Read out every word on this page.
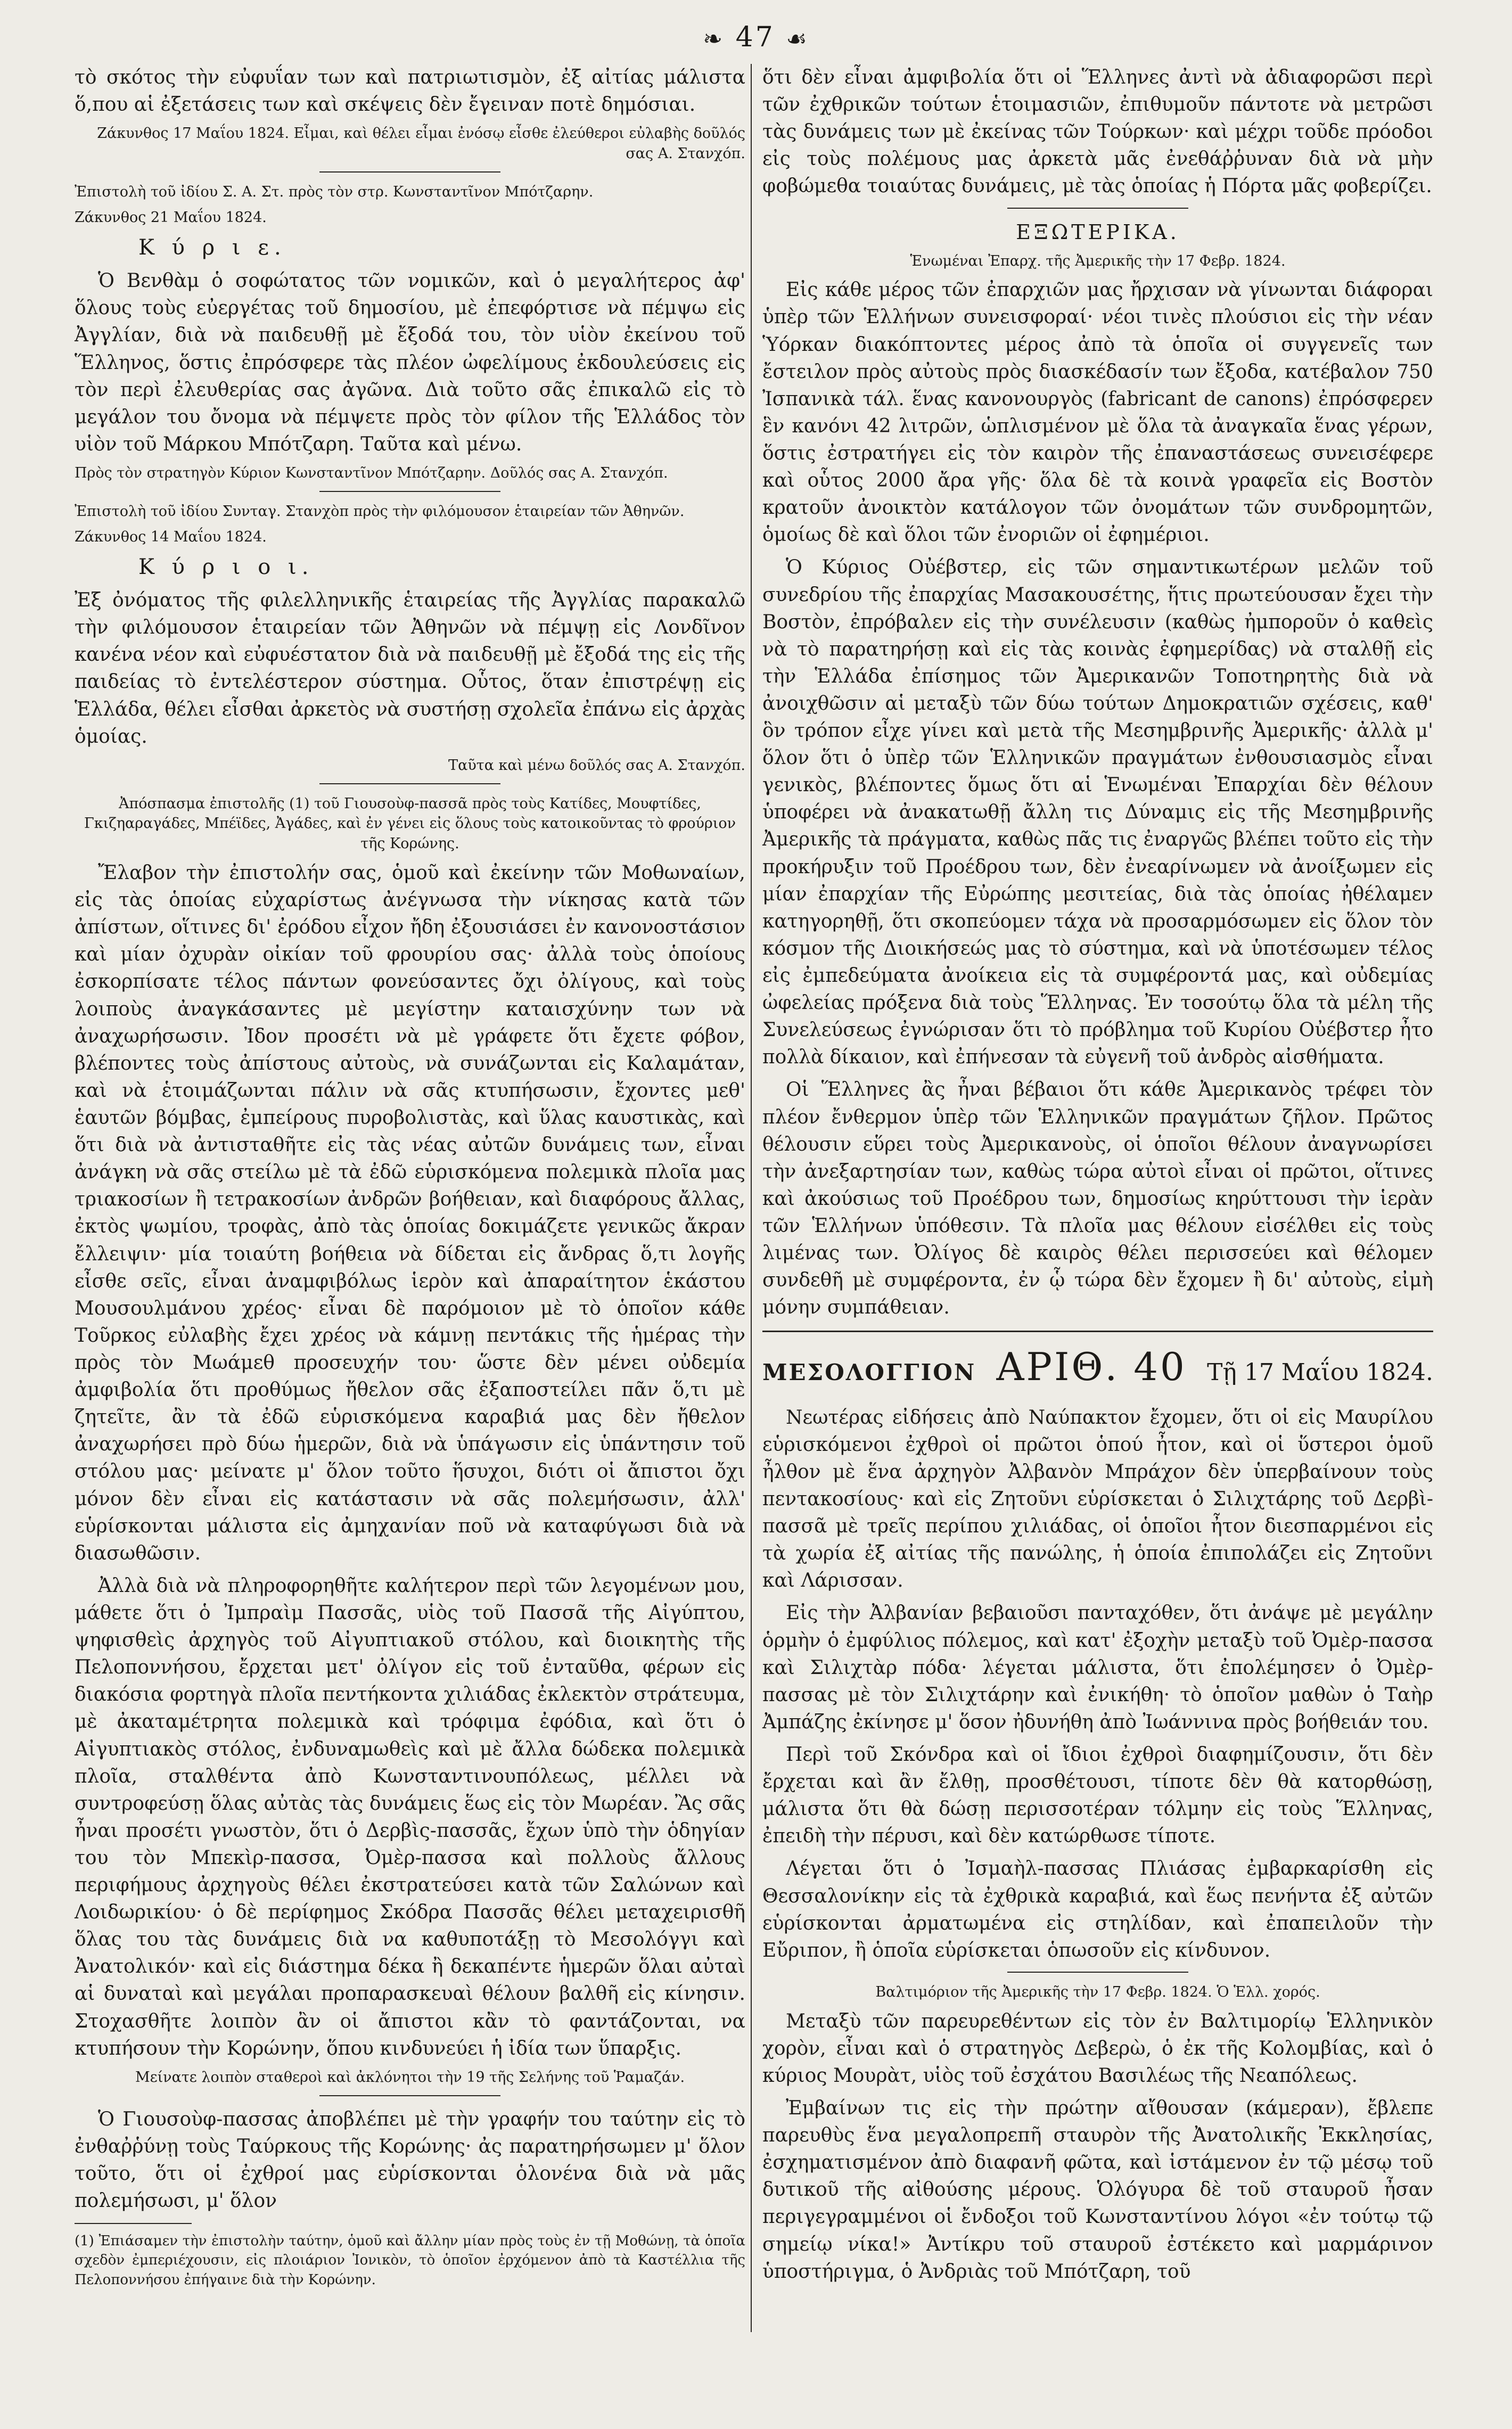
❧ 47 ☙

τὸ σκότος τὴν εὐφυΐαν των καὶ πατριωτισμὸν, ἐξ αἰτίας μάλιστα ὅ,που αἱ ἐξετάσεις των καὶ σκέψεις δὲν ἔγειναν ποτὲ δημόσιαι.

Ζάκυνθος 17 Μαΐου 1824. Εἶμαι, καὶ θέλει εἶμαι ἐνόσῳ εἶσθε ἐλεύθεροι εὐλαβὴς δοῦλός σας Α. Στανχόπ.

Ἐπιστολὴ τοῦ ἰδίου Σ. Α. Στ. πρὸς τὸν στρ. Κωνσταντῖνον Μπότζαρην.

Ζάκυνθος 21 Μαΐου 1824.

Κ ύ ρ ι ε.

Ὁ Βενθὰμ ὁ σοφώτατος τῶν νομικῶν, καὶ ὁ μεγαλήτερος ἀφ' ὅλους τοὺς εὐεργέτας τοῦ δημοσίου, μὲ ἐπεφόρτισε νὰ πέμψω εἰς Ἀγγλίαν, διὰ νὰ παιδευθῇ μὲ ἔξοδά του, τὸν υἱὸν ἐκείνου τοῦ Ἕλληνος, ὅστις ἐπρόσφερε τὰς πλέον ὠφελίμους ἐκδουλεύσεις εἰς τὸν περὶ ἐλευθερίας σας ἀγῶνα. Διὰ τοῦτο σᾶς ἐπικαλῶ εἰς τὸ μεγάλον του ὄνομα νὰ πέμψετε πρὸς τὸν φίλον τῆς Ἑλλάδος τὸν υἱὸν τοῦ Μάρκου Μπότζαρη. Ταῦτα καὶ μένω.

Πρὸς τὸν στρατηγὸν Κύριον Κωνσταντῖνον Μπότζαρην. Δοῦλός σας Α. Στανχόπ.

Ἐπιστολὴ τοῦ ἰδίου Συνταγ. Στανχὸπ πρὸς τὴν φιλόμουσον ἑταιρείαν τῶν Ἀθηνῶν.

Ζάκυνθος 14 Μαΐου 1824.

Κ ύ ρ ι ο ι.

Ἐξ ὀνόματος τῆς φιλελληνικῆς ἑταιρείας τῆς Ἀγγλίας παρακαλῶ τὴν φιλόμουσον ἑταιρείαν τῶν Ἀθηνῶν νὰ πέμψῃ εἰς Λονδῖνον κανένα νέον καὶ εὐφυέστατον διὰ νὰ παιδευθῇ μὲ ἔξοδά της εἰς τῆς παιδείας τὸ ἐντελέστερον σύστημα. Οὗτος, ὅταν ἐπιστρέψῃ εἰς Ἑλλάδα, θέλει εἶσθαι ἀρκετὸς νὰ συστήσῃ σχολεῖα ἐπάνω εἰς ἀρχὰς ὁμοίας.

Ταῦτα καὶ μένω δοῦλός σας Α. Στανχόπ.

Ἀπόσπασμα ἐπιστολῆς (1) τοῦ Γιουσοὺφ-πασσᾶ πρὸς τοὺς Κατίδες, Μουφτίδες, Γκιζηαραγάδες, Μπέϊδες, Ἀγάδες, καὶ ἐν γένει εἰς ὅλους τοὺς κατοικοῦντας τὸ φρούριον τῆς Κορώνης.

Ἔλαβον τὴν ἐπιστολήν σας, ὁμοῦ καὶ ἐκείνην τῶν Μοθωναίων, εἰς τὰς ὁποίας εὐχαρίστως ἀνέγνωσα τὴν νίκησας κατὰ τῶν ἀπίστων, οἵτινες δι' ἐρόδου εἶχον ἤδη ἐξουσιάσει ἐν κανονοστάσιον καὶ μίαν ὀχυρὰν οἰκίαν τοῦ φρουρίου σας· ἀλλὰ τοὺς ὁποίους ἐσκορπίσατε τέλος πάντων φονεύσαντες ὄχι ὀλίγους, καὶ τοὺς λοιποὺς ἀναγκάσαντες μὲ μεγίστην καταισχύνην των νὰ ἀναχωρήσωσιν. Ἰδον προσέτι νὰ μὲ γράφετε ὅτι ἔχετε φόβον, βλέποντες τοὺς ἀπίστους αὐτοὺς, νὰ συνάζωνται εἰς Καλαμάταν, καὶ νὰ ἑτοιμάζωνται πάλιν νὰ σᾶς κτυπήσωσιν, ἔχοντες μεθ' ἑαυτῶν βόμβας, ἐμπείρους πυροβολιστὰς, καὶ ὕλας καυστικὰς, καὶ ὅτι διὰ νὰ ἀντισταθῆτε εἰς τὰς νέας αὐτῶν δυνάμεις των, εἶναι ἀνάγκη νὰ σᾶς στείλω μὲ τὰ ἐδῶ εὑρισκόμενα πολεμικὰ πλοῖα μας τριακοσίων ἢ τετρακοσίων ἀνδρῶν βοήθειαν, καὶ διαφόρους ἄλλας, ἐκτὸς ψωμίου, τροφὰς, ἀπὸ τὰς ὁποίας δοκιμάζετε γενικῶς ἄκραν ἔλλειψιν· μία τοιαύτη βοήθεια νὰ δίδεται εἰς ἄνδρας ὅ,τι λογῆς εἶσθε σεῖς, εἶναι ἀναμφιβόλως ἱερὸν καὶ ἀπαραίτητον ἑκάστου Μουσουλμάνου χρέος· εἶναι δὲ παρόμοιον μὲ τὸ ὁποῖον κάθε Τοῦρκος εὐλαβὴς ἔχει χρέος νὰ κάμνῃ πεντάκις τῆς ἡμέρας τὴν πρὸς τὸν Μωάμεθ προσευχήν του· ὥστε δὲν μένει οὐδεμία ἀμφιβολία ὅτι προθύμως ἤθελον σᾶς ἐξαποστείλει πᾶν ὅ,τι μὲ ζητεῖτε, ἂν τὰ ἐδῶ εὑρισκόμενα καραβιά μας δὲν ἤθελον ἀναχωρήσει πρὸ δύω ἡμερῶν, διὰ νὰ ὑπάγωσιν εἰς ὑπάντησιν τοῦ στόλου μας· μείνατε μ' ὅλον τοῦτο ἥσυχοι, διότι οἱ ἄπιστοι ὄχι μόνον δὲν εἶναι εἰς κατάστασιν νὰ σᾶς πολεμήσωσιν, ἀλλ' εὑρίσκονται μάλιστα εἰς ἀμηχανίαν ποῦ νὰ καταφύγωσι διὰ νὰ διασωθῶσιν.

Ἀλλὰ διὰ νὰ πληροφορηθῆτε καλήτερον περὶ τῶν λεγομένων μου, μάθετε ὅτι ὁ Ἰμπραὶμ Πασσᾶς, υἱὸς τοῦ Πασσᾶ τῆς Αἰγύπτου, ψηφισθεὶς ἀρχηγὸς τοῦ Αἰγυπτιακοῦ στόλου, καὶ διοικητὴς τῆς Πελοποννήσου, ἔρχεται μετ' ὀλίγον εἰς τοῦ ἐνταῦθα, φέρων εἰς διακόσια φορτηγὰ πλοῖα πεντήκοντα χιλιάδας ἐκλεκτὸν στράτευμα, μὲ ἀκαταμέτρητα πολεμικὰ καὶ τρόφιμα ἐφόδια, καὶ ὅτι ὁ Αἰγυπτιακὸς στόλος, ἐνδυναμωθεὶς καὶ μὲ ἄλλα δώδεκα πολεμικὰ πλοῖα, σταλθέντα ἀπὸ Κωνσταντινουπόλεως, μέλλει νὰ συντροφεύσῃ ὅλας αὐτὰς τὰς δυνάμεις ἕως εἰς τὸν Μωρέαν. Ἂς σᾶς ἦναι προσέτι γνωστὸν, ὅτι ὁ Δερβὶς-πασσᾶς, ἔχων ὑπὸ τὴν ὁδηγίαν του τὸν Μπεκὶρ-πασσα, Ὀμὲρ-πασσα καὶ πολλοὺς ἄλλους περιφήμους ἀρχηγοὺς θέλει ἐκστρατεύσει κατὰ τῶν Σαλώνων καὶ Λοιδωρικίου· ὁ δὲ περίφημος Σκόδρα Πασσᾶς θέλει μεταχειρισθῆ ὅλας του τὰς δυνάμεις διὰ να καθυποτάξῃ τὸ Μεσολόγγι καὶ Ἀνατολικόν· καὶ εἰς διάστημα δέκα ἢ δεκαπέντε ἡμερῶν ὅλαι αὐταὶ αἱ δυναταὶ καὶ μεγάλαι προπαρασκευαὶ θέλουν βαλθῆ εἰς κίνησιν. Στοχασθῆτε λοιπὸν ἂν οἱ ἄπιστοι κἂν τὸ φαντάζονται, να κτυπήσουν τὴν Κορώνην, ὅπου κινδυνεύει ἡ ἰδία των ὕπαρξις.

Μείνατε λοιπὸν σταθεροὶ καὶ ἀκλόνητοι τὴν 19 τῆς Σελήνης τοῦ Ῥαμαζάν.

Ὁ Γιουσοὺφ-πασσας ἀποβλέπει μὲ τὴν γραφήν του ταύτην εἰς τὸ ἐνθαῤῥύνῃ τοὺς Ταύρκους τῆς Κορώνης· ἀς παρατηρήσωμεν μ' ὅλον τοῦτο, ὅτι οἱ ἐχθροί μας εὑρίσκονται ὁλονένα διὰ νὰ μᾶς πολεμήσωσι, μ' ὅλον

(1) Ἐπιάσαμεν τὴν ἐπιστολὴν ταύτην, ὁμοῦ καὶ ἄλλην μίαν πρὸς τοὺς ἐν τῇ Μοθώνῃ, τὰ ὁποῖα σχεδὸν ἐμπεριέχουσιν, εἰς πλοιάριον Ἰονικὸν, τὸ ὁποῖον ἐρχόμενον ἀπὸ τὰ Καστέλλια τῆς Πελοποννήσου ἐπήγαινε διὰ τὴν Κορώνην.

ὅτι δὲν εἶναι ἀμφιβολία ὅτι οἱ Ἕλληνες ἀντὶ νὰ ἀδιαφορῶσι περὶ τῶν ἐχθρικῶν τούτων ἑτοιμασιῶν, ἐπιθυμοῦν πάντοτε νὰ μετρῶσι τὰς δυνάμεις των μὲ ἐκείνας τῶν Τούρκων· καὶ μέχρι τοῦδε πρόοδοι εἰς τοὺς πολέμους μας ἀρκετὰ μᾶς ἐνεθάῤῥυναν διὰ νὰ μὴν φοβώμεθα τοιαύτας δυνάμεις, μὲ τὰς ὁποίας ἡ Πόρτα μᾶς φοβερίζει.

ΕΞΩΤΕΡΙΚΑ.

Ἑνωμέναι Ἐπαρχ. τῆς Ἀμερικῆς τὴν 17 Φεβρ. 1824.

Εἰς κάθε μέρος τῶν ἐπαρχιῶν μας ἤρχισαν νὰ γίνωνται διάφοραι ὑπὲρ τῶν Ἑλλήνων συνεισφοραί· νέοι τινὲς πλούσιοι εἰς τὴν νέαν Ὑόρκαν διακόπτοντες μέρος ἀπὸ τὰ ὁποῖα οἱ συγγενεῖς των ἔστειλον πρὸς αὐτοὺς πρὸς διασκέδασίν των ἔξοδα, κατέβαλον 750 Ἰσπανικὰ τάλ. ἕνας κανονουργὸς (fabricant de canons) ἐπρόσφερεν ἓν κανόνι 42 λιτρῶν, ὡπλισμένον μὲ ὅλα τὰ ἀναγκαῖα ἕνας γέρων, ὅστις ἐστρατήγει εἰς τὸν καιρὸν τῆς ἐπαναστάσεως συνεισέφερε καὶ οὗτος 2000 ἄρα γῆς· ὅλα δὲ τὰ κοινὰ γραφεῖα εἰς Βοστὸν κρατοῦν ἀνοικτὸν κατάλογον τῶν ὀνομάτων τῶν συνδρομητῶν, ὁμοίως δὲ καὶ ὅλοι τῶν ἐνοριῶν οἱ ἐφημέριοι.

Ὁ Κύριος Οὐέβστερ, εἰς τῶν σημαντικωτέρων μελῶν τοῦ συνεδρίου τῆς ἐπαρχίας Μασακουσέτης, ἥτις πρωτεύουσαν ἔχει τὴν Βοστὸν, ἐπρόβαλεν εἰς τὴν συνέλευσιν (καθὼς ἠμποροῦν ὁ καθεὶς νὰ τὸ παρατηρήσῃ καὶ εἰς τὰς κοινὰς ἐφημερίδας) νὰ σταλθῇ εἰς τὴν Ἑλλάδα ἐπίσημος τῶν Ἀμερικανῶν Τοποτηρητὴς διὰ νὰ ἀνοιχθῶσιν αἱ μεταξὺ τῶν δύω τούτων Δημοκρατιῶν σχέσεις, καθ' ὃν τρόπον εἶχε γίνει καὶ μετὰ τῆς Μεσημβρινῆς Ἀμερικῆς· ἀλλὰ μ' ὅλον ὅτι ὁ ὑπὲρ τῶν Ἑλληνικῶν πραγμάτων ἐνθουσιασμὸς εἶναι γενικὸς, βλέποντες ὅμως ὅτι αἱ Ἑνωμέναι Ἐπαρχίαι δὲν θέλουν ὑποφέρει νὰ ἀνακατωθῇ ἄλλη τις Δύναμις εἰς τῆς Μεσημβρινῆς Ἀμερικῆς τὰ πράγματα, καθὼς πᾶς τις ἐναργῶς βλέπει τοῦτο εἰς τὴν προκήρυξιν τοῦ Προέδρου των, δὲν ἐνεαρίνωμεν νὰ ἀνοίξωμεν εἰς μίαν ἐπαρχίαν τῆς Εὐρώπης μεσιτείας, διὰ τὰς ὁποίας ἠθέλαμεν κατηγορηθῇ, ὅτι σκοπεύομεν τάχα νὰ προσαρμόσωμεν εἰς ὅλον τὸν κόσμον τῆς Διοικήσεώς μας τὸ σύστημα, καὶ νὰ ὑποτέσωμεν τέλος εἰς ἐμπεδεύματα ἀνοίκεια εἰς τὰ συμφέροντά μας, καὶ οὐδεμίας ὠφελείας πρόξενα διὰ τοὺς Ἕλληνας. Ἐν τοσούτῳ ὅλα τὰ μέλη τῆς Συνελεύσεως ἐγνώρισαν ὅτι τὸ πρόβλημα τοῦ Κυρίου Οὐέβστερ ἦτο πολλὰ δίκαιον, καὶ ἐπήνεσαν τὰ εὐγενῆ τοῦ ἀνδρὸς αἰσθήματα.

Οἱ Ἕλληνες ἂς ἦναι βέβαιοι ὅτι κάθε Ἀμερικανὸς τρέφει τὸν πλέον ἔνθερμον ὑπὲρ τῶν Ἑλληνικῶν πραγμάτων ζῆλον. Πρῶτος θέλουσιν εὕρει τοὺς Ἀμερικανοὺς, οἱ ὁποῖοι θέλουν ἀναγνωρίσει τὴν ἀνεξαρτησίαν των, καθὼς τώρα αὐτοὶ εἶναι οἱ πρῶτοι, οἵτινες καὶ ἀκούσιως τοῦ Προέδρου των, δημοσίως κηρύττουσι τὴν ἱερὰν τῶν Ἑλλήνων ὑπόθεσιν. Τὰ πλοῖα μας θέλουν εἰσέλθει εἰς τοὺς λιμένας των. Ὀλίγος δὲ καιρὸς θέλει περισσεύει καὶ θέλομεν συνδεθῆ μὲ συμφέροντα, ἐν ᾧ τώρα δὲν ἔχομεν ἢ δι' αὐτοὺς, εἰμὴ μόνην συμπάθειαν.

ΜΕΣΟΛΟΓΓΙΟΝ ΑΡΙΘ. 40 Τῇ 17 Μαΐου 1824.

Νεωτέρας εἰδήσεις ἀπὸ Ναύπακτον ἔχομεν, ὅτι οἱ εἰς Μαυρίλου εὑρισκόμενοι ἐχθροὶ οἱ πρῶτοι ὁπού ἦτον, καὶ οἱ ὕστεροι ὁμοῦ ἦλθον μὲ ἕνα ἀρχηγὸν Ἀλβανὸν Μπράχον δὲν ὑπερβαίνουν τοὺς πεντακοσίους· καὶ εἰς Ζητοῦνι εὑρίσκεται ὁ Σιλιχτάρης τοῦ Δερβὶ-πασσᾶ μὲ τρεῖς περίπου χιλιάδας, οἱ ὁποῖοι ἦτον διεσπαρμένοι εἰς τὰ χωρία ἐξ αἰτίας τῆς πανώλης, ἡ ὁποία ἐπιπολάζει εἰς Ζητοῦνι καὶ Λάρισσαν.

Εἰς τὴν Ἀλβανίαν βεβαιοῦσι πανταχόθεν, ὅτι ἀνάψε μὲ μεγάλην ὁρμὴν ὁ ἐμφύλιος πόλεμος, καὶ κατ' ἐξοχὴν μεταξὺ τοῦ Ὀμὲρ-πασσα καὶ Σιλιχτὰρ πόδα· λέγεται μάλιστα, ὅτι ἐπολέμησεν ὁ Ὀμὲρ-πασσας μὲ τὸν Σιλιχτάρην καὶ ἐνικήθη· τὸ ὁποῖον μαθὼν ὁ Ταὴρ Ἀμπάζης ἐκίνησε μ' ὅσον ἠδυνήθη ἀπὸ Ἰωάννινα πρὸς βοήθειάν του.

Περὶ τοῦ Σκόνδρα καὶ οἱ ἴδιοι ἐχθροὶ διαφημίζουσιν, ὅτι δὲν ἔρχεται καὶ ἂν ἔλθῃ, προσθέτουσι, τίποτε δὲν θὰ κατορθώσῃ, μάλιστα ὅτι θὰ δώσῃ περισσοτέραν τόλμην εἰς τοὺς Ἕλληνας, ἐπειδὴ τὴν πέρυσι, καὶ δὲν κατώρθωσε τίποτε.

Λέγεται ὅτι ὁ Ἰσμαὴλ-πασσας Πλιάσας ἐμβαρκαρίσθη εἰς Θεσσαλονίκην εἰς τὰ ἐχθρικὰ καραβιά, καὶ ἕως πενήντα ἐξ αὐτῶν εὑρίσκονται ἀρματωμένα εἰς στηλίδαν, καὶ ἐπαπειλοῦν τὴν Εὔριπον, ἢ ὁποῖα εὑρίσκεται ὁπωσοῦν εἰς κίνδυνον.

Βαλτιμόριον τῆς Ἀμερικῆς τὴν 17 Φεβρ. 1824. Ὁ Ἑλλ. χορός.

Μεταξὺ τῶν παρευρεθέντων εἰς τὸν ἐν Βαλτιμορίῳ Ἑλληνικὸν χορὸν, εἶναι καὶ ὁ στρατηγὸς Δεβερὼ, ὁ ἐκ τῆς Κολομβίας, καὶ ὁ κύριος Μουρὰτ, υἱὸς τοῦ ἐσχάτου Βασιλέως τῆς Νεαπόλεως.

Ἐμβαίνων τις εἰς τὴν πρώτην αἴθουσαν (κάμεραν), ἔβλεπε παρευθὺς ἕνα μεγαλοπρεπῆ σταυρὸν τῆς Ἀνατολικῆς Ἐκκλησίας, ἐσχηματισμένον ἀπὸ διαφανῆ φῶτα, καὶ ἱστάμενον ἐν τῷ μέσῳ τοῦ δυτικοῦ τῆς αἰθούσης μέρους. Ὁλόγυρα δὲ τοῦ σταυροῦ ἦσαν περιγεγραμμένοι οἱ ἔνδοξοι τοῦ Κωνσταντίνου λόγοι «ἐν τούτῳ τῷ σημείῳ νίκα!» Ἀντίκρυ τοῦ σταυροῦ ἐστέκετο καὶ μαρμάρινον ὑποστήριγμα, ὁ Ἀνδριὰς τοῦ Μπότζαρη, τοῦ
